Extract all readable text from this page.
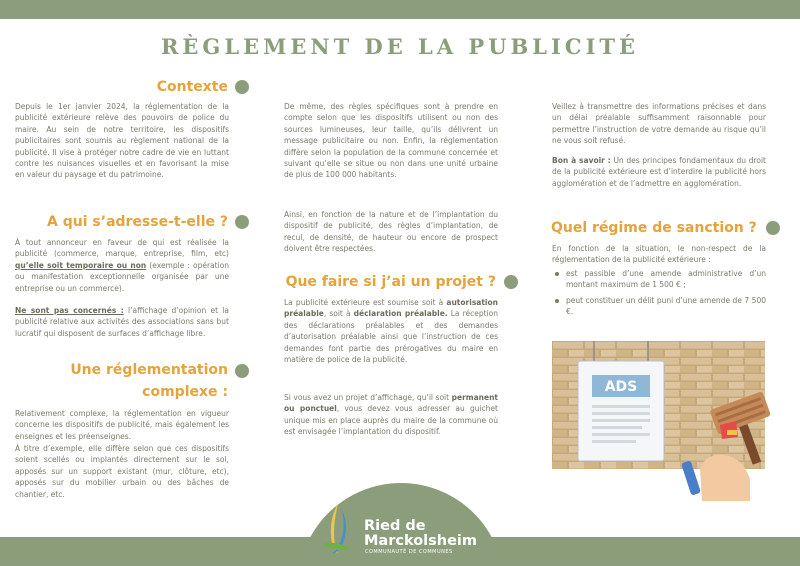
RÈGLEMENT DE LA PUBLICITÉ
Contexte

Depuis le 1er janvier 2024, la réglementation de la publicité extérieure relève des pouvoirs de police du maire. Au sein de notre territoire, les dispositifs publicitaires sont soumis au règlement national de la publicité. Il vise à protéger notre cadre de vie en luttant contre les nuisances visuelles et en favorisant la mise en valeur du paysage et du patrimoine.

A qui s’adresse-t-elle ?

À tout annonceur en faveur de qui est réalisée la publicité (commerce, marque, entreprise, film, etc) qu’elle soit temporaire ou non (exemple : opération ou manifestation exceptionnelle organisée par une entreprise ou un commerce).

Ne sont pas concernés : l’affichage d’opinion et la publicité relative aux activités des associations sans but lucratif qui disposent de surfaces d’affichage libre.

Une réglementation
complexe :

Relativement complexe, la réglementation en vigueur concerne les dispositifs de publicité, mais également les enseignes et les préenseignes.

À titre d’exemple, elle diffère selon que ces dispositifs soient scellés ou implantés directement sur le sol, apposés sur un support existant (mur, clôture, etc), apposés sur du mobilier urbain ou des bâches de chantier, etc.

De même, des règles spécifiques sont à prendre en compte selon que les dispositifs utilisent ou non des sources lumineuses, leur taille, qu’ils délivrent un message publicitaire ou non. Enfin, la réglementation diffère selon la population de la commune concernée et suivant qu’elle se situe ou non dans une unité urbaine de plus de 100 000 habitants.

Ainsi, en fonction de la nature et de l’implantation du dispositif de publicité, des règles d’implantation, de recul, de densité, de hauteur ou encore de prospect doivent être respectées.

Que faire si j’ai un projet ?

La publicité extérieure est soumise soit à autorisation préalable, soit à déclaration préalable. La réception des déclarations préalables et des demandes d’autorisation préalable ainsi que l’instruction de ces demandes font partie des prérogatives du maire en matière de police de la publicité.

Si vous avez un projet d’affichage, qu’il soit permanent ou ponctuel, vous devez vous adresser au guichet unique mis en place auprès du maire de la commune où est envisagée l’implantation du dispositif.

Veillez à transmettre des informations précises et dans un délai préalable suffisamment raisonnable pour permettre l’instruction de votre demande au risque qu’il ne vous soit refusé.

Bon à savoir : Un des principes fondamentaux du droit de la publicité extérieure est d’interdire la publicité hors agglomération et de l’admettre en agglomération.

Quel régime de sanction ?

En fonction de la situation, le non-respect de la réglementation de la publicité extérieure :

est passible d’une amende administrative d’un montant maximum de 1 500 € ;
peut constituer un délit puni d’une amende de 7 500 €.
ADS
Ried de
Marckolsheim
COMMUNAUTÉ DE COMMUNES
